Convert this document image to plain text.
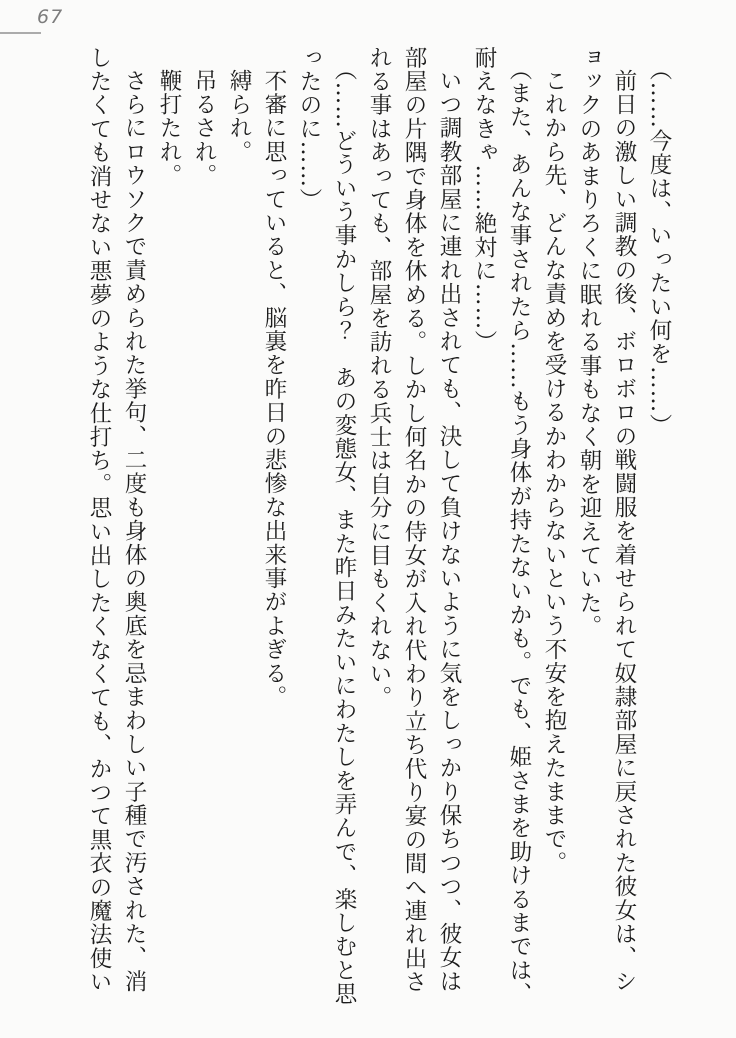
67

（……今度は、いったい何を……）

前日の激しい調教の後、ボロボロの戦闘服を着せられて奴隷部屋に戻された彼女は、シ

ョックのあまりろくに眠れる事もなく朝を迎えていた。

これから先、どんな責めを受けるかわからないという不安を抱えたままで。

（また、あんな事されたら……もう身体が持たないかも。でも、姫さまを助けるまでは、

耐えなきゃ……絶対に……）

いつ調教部屋に連れ出されても、決して負けないように気をしっかり保ちつつ、彼女は

部屋の片隅で身体を休める。しかし何名かの侍女が入れ代わり立ち代り宴の間へ連れ出さ

れる事はあっても、部屋を訪れる兵士は自分に目もくれない。

（……どういう事かしら？　あの変態女、また昨日みたいにわたしを弄んで、楽しむと思

ったのに……）

不審に思っていると、脳裏を昨日の悲惨な出来事がよぎる。

縛られ。

吊るされ。

鞭打たれ。

さらにロウソクで責められた挙句、二度も身体の奥底を忌まわしい子種で汚された、消

したくても消せない悪夢のような仕打ち。思い出したくなくても、かつて黒衣の魔法使い
